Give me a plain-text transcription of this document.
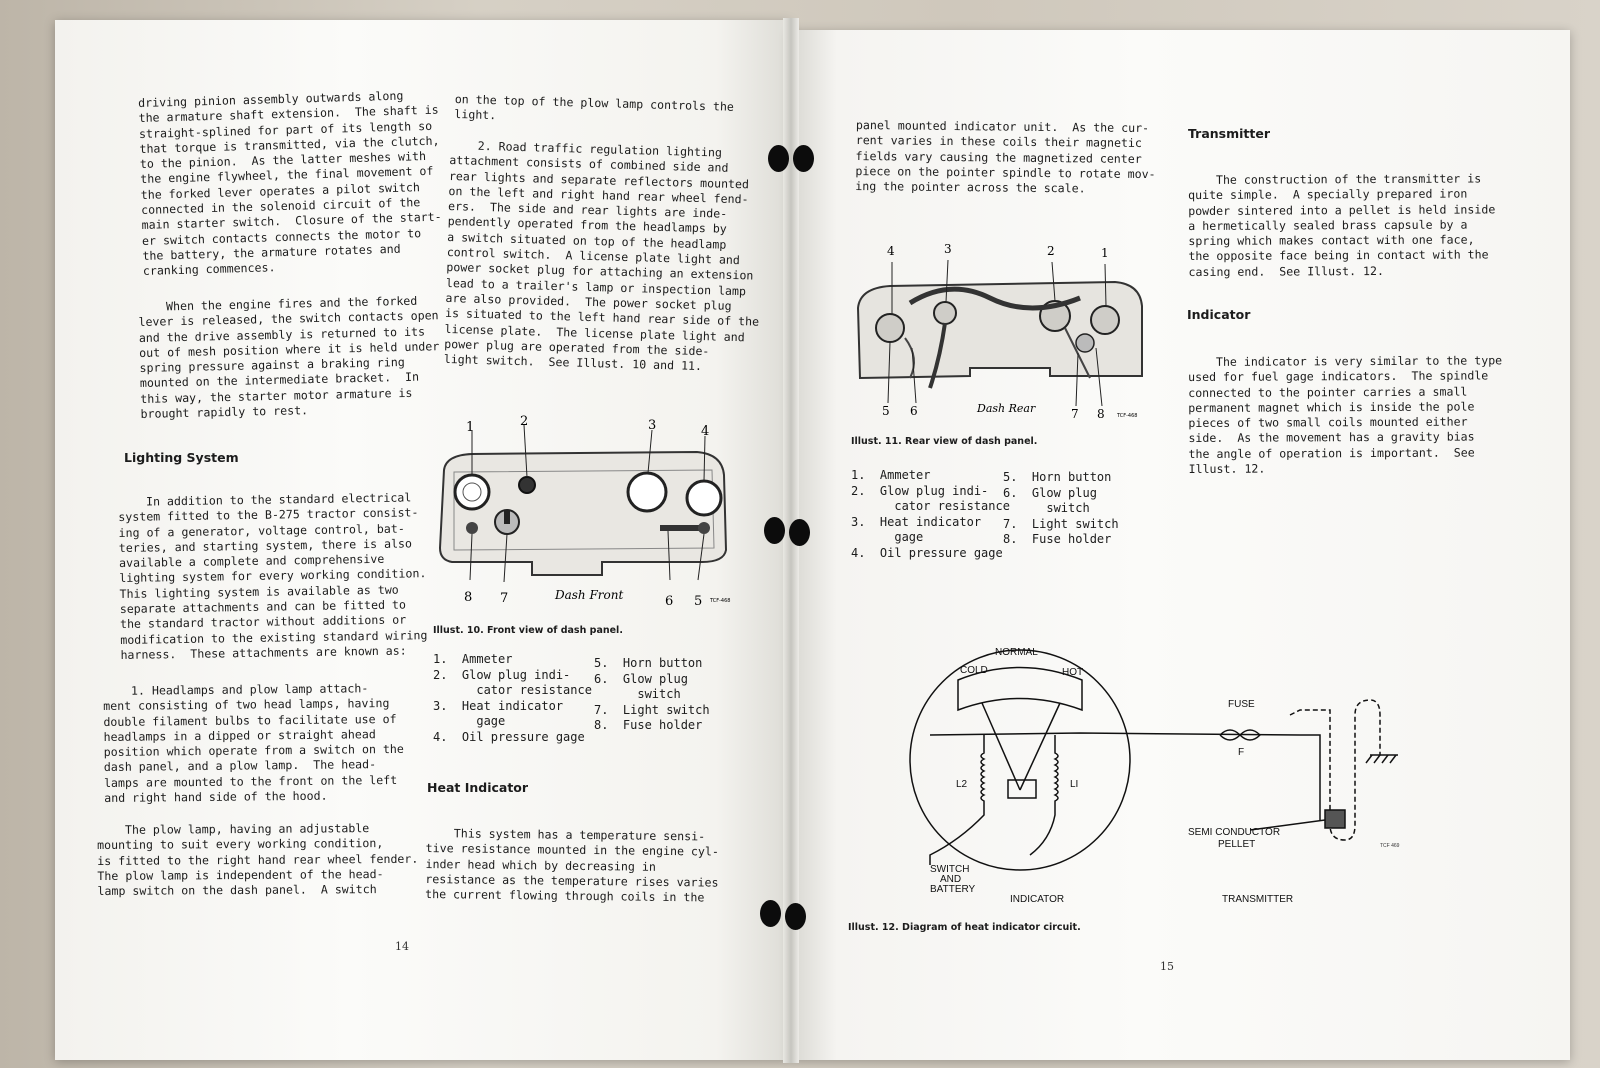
driving pinion assembly outwards along
the armature shaft extension.  The shaft is
straight-splined for part of its length so
that torque is transmitted, via the clutch,
to the pinion.  As the latter meshes with
the engine flywheel, the final movement of
the forked lever operates a pilot switch
connected in the solenoid circuit of the
main starter switch.  Closure of the start-
er switch contacts connects the motor to
the battery, the armature rotates and
cranking commences.
When the engine fires and the forked
lever is released, the switch contacts open
and the drive assembly is returned to its
out of mesh position where it is held under
spring pressure against a braking ring
mounted on the intermediate bracket.  In
this way, the starter motor armature is
brought rapidly to rest.
Lighting System
In addition to the standard electrical
system fitted to the B-275 tractor consist-
ing of a generator, voltage control, bat-
teries, and starting system, there is also
available a complete and comprehensive
lighting system for every working condition.
This lighting system is available as two
separate attachments and can be fitted to
the standard tractor without additions or
modification to the existing standard wiring
harness.  These attachments are known as:
1. Headlamps and plow lamp attach-
ment consisting of two head lamps, having
double filament bulbs to facilitate use of
headlamps in a dipped or straight ahead
position which operate from a switch on the
dash panel, and a plow lamp.  The head-
lamps are mounted to the front on the left
and right hand side of the hood.
The plow lamp, having an adjustable
mounting to suit every working condition,
is fitted to the right hand rear wheel fender.
The plow lamp is independent of the head-
lamp switch on the dash panel.  A switch
on the top of the plow lamp controls the
light.
2. Road traffic regulation lighting
attachment consists of combined side and
rear lights and separate reflectors mounted
on the left and right hand rear wheel fend-
ers.  The side and rear lights are inde-
pendently operated from the headlamps by
a switch situated on top of the headlamp
control switch.  A license plate light and
power socket plug for attaching an extension
lead to a trailer's lamp or inspection lamp
are also provided.  The power socket plug
is situated to the left hand rear side of the
license plate.  The license plate light and
power plug are operated from the side-
light switch.  See Illust. 10 and 11.
1	2	3	4
8 7	6 5
Dash Front	TCF-468
Illust. 10. Front view of dash panel.
1.  Ammeter
2.  Glow plug indi-
cator resistance
3.  Heat indicator
gage
4.  Oil pressure gage
5.  Horn button
6.  Glow plug
switch
7.  Light switch
8.  Fuse holder
Heat Indicator
This system has a temperature sensi-
tive resistance mounted in the engine cyl-
inder head which by decreasing in
resistance as the temperature rises varies
the current flowing through coils in the
14
panel mounted indicator unit.  As the cur-
rent varies in these coils their magnetic
fields vary causing the magnetized center
piece on the pointer spindle to rotate mov-
ing the pointer across the scale.
4	3	2	1
5 6	7 8
Dash Rear
TCF-468
Illust. 11. Rear view of dash panel.
1.  Ammeter
2.  Glow plug indi-
cator resistance
3.  Heat indicator
gage
4.  Oil pressure gage
5.  Horn button
6.  Glow plug
switch
7.  Light switch
8.  Fuse holder
Transmitter
The construction of the transmitter is
quite simple.  A specially prepared iron
powder sintered into a pellet is held inside
a hermetically sealed brass capsule by a
spring which makes contact with one face,
the opposite face being in contact with the
casing end.  See Illust. 12.
Indicator
The indicator is very similar to the type
used for fuel gage indicators.  The spindle
connected to the pointer carries a small
permanent magnet which is inside the pole
pieces of two small coils mounted either
side.  As the movement has a gravity bias
the angle of operation is important.  See
Illust. 12.
NORMAL
COLD	HOT
L2	LI
FUSE
F
SEMI CONDUCTOR
PELLET
SWITCH
AND
BATTERY
INDICATOR	TRANSMITTER
TCF 469
Illust. 12. Diagram of heat indicator circuit.
15
